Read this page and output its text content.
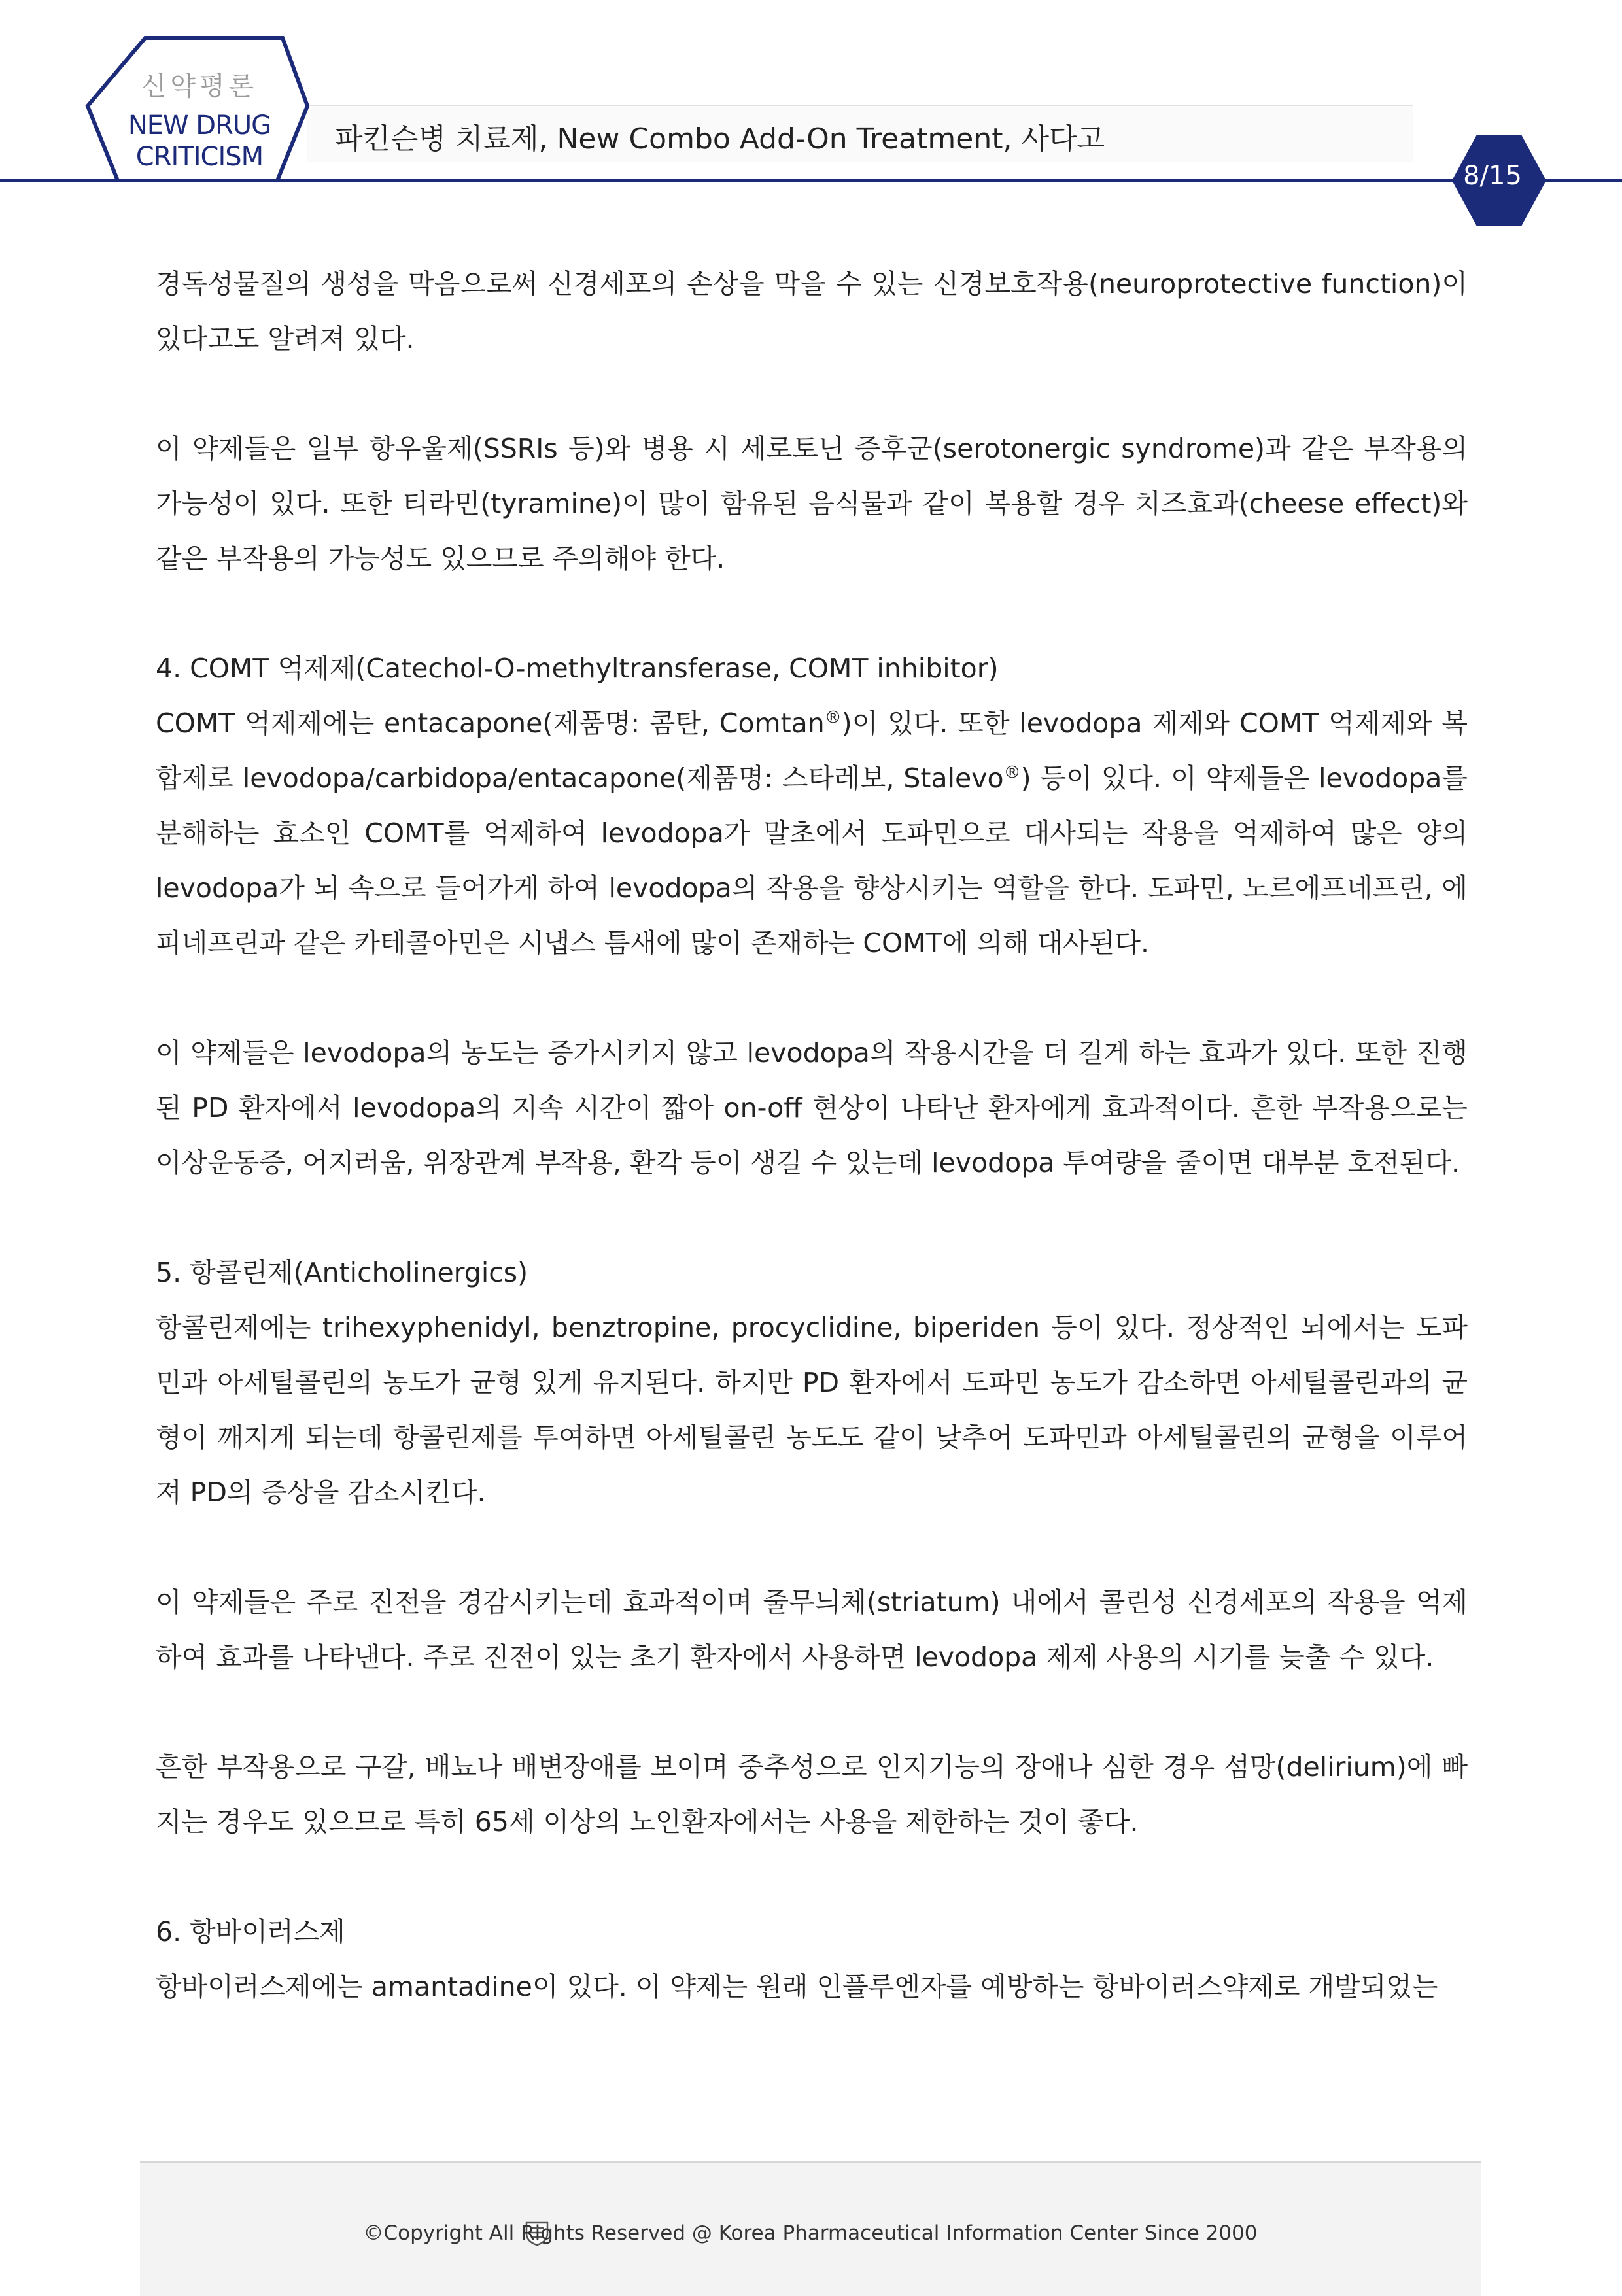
신약평론
NEW DRUG
CRITICISM
파킨슨병 치료제, New Combo Add-On Treatment, 사다고
8/15

경독성물질의 생성을 막음으로써 신경세포의 손상을 막을 수 있는 신경보호작용(neuroprotective function)이 있다고도 알려져 있다.

이 약제들은 일부 항우울제(SSRIs 등)와 병용 시 세로토닌 증후군(serotonergic syndrome)과 같은 부작용의 가능성이 있다. 또한 티라민(tyramine)이 많이 함유된 음식물과 같이 복용할 경우 치즈효과(cheese effect)와 같은 부작용의 가능성도 있으므로 주의해야 한다.

4. COMT 억제제(Catechol-O-methyltransferase, COMT inhibitor)

COMT 억제제에는 entacapone(제품명: 콤탄, Comtan®)이 있다. 또한 levodopa 제제와 COMT 억제제와 복합제로 levodopa/carbidopa/entacapone(제품명: 스타레보, Stalevo®) 등이 있다. 이 약제들은 levodopa를 분해하는 효소인 COMT를 억제하여 levodopa가 말초에서 도파민으로 대사되는 작용을 억제하여 많은 양의 levodopa가 뇌 속으로 들어가게 하여 levodopa의 작용을 향상시키는 역할을 한다. 도파민, 노르에프네프린, 에피네프린과 같은 카테콜아민은 시냅스 틈새에 많이 존재하는 COMT에 의해 대사된다.

이 약제들은 levodopa의 농도는 증가시키지 않고 levodopa의 작용시간을 더 길게 하는 효과가 있다. 또한 진행된 PD 환자에서 levodopa의 지속 시간이 짧아 on-off 현상이 나타난 환자에게 효과적이다. 흔한 부작용으로는 이상운동증, 어지러움, 위장관계 부작용, 환각 등이 생길 수 있는데 levodopa 투여량을 줄이면 대부분 호전된다.

5. 항콜린제(Anticholinergics)

항콜린제에는 trihexyphenidyl, benztropine, procyclidine, biperiden 등이 있다. 정상적인 뇌에서는 도파민과 아세틸콜린의 농도가 균형 있게 유지된다. 하지만 PD 환자에서 도파민 농도가 감소하면 아세틸콜린과의 균형이 깨지게 되는데 항콜린제를 투여하면 아세틸콜린 농도도 같이 낮추어 도파민과 아세틸콜린의 균형을 이루어져 PD의 증상을 감소시킨다.

이 약제들은 주로 진전을 경감시키는데 효과적이며 줄무늬체(striatum) 내에서 콜린성 신경세포의 작용을 억제하여 효과를 나타낸다. 주로 진전이 있는 초기 환자에서 사용하면 levodopa 제제 사용의 시기를 늦출 수 있다.

흔한 부작용으로 구갈, 배뇨나 배변장애를 보이며 중추성으로 인지기능의 장애나 심한 경우 섬망(delirium)에 빠지는 경우도 있으므로 특히 65세 이상의 노인환자에서는 사용을 제한하는 것이 좋다.

6. 항바이러스제

항바이러스제에는 amantadine이 있다. 이 약제는 원래 인플루엔자를 예방하는 항바이러스약제로 개발되었는

©Copyright All Rights Reserved @ Korea Pharmaceutical Information Center Since 2000
